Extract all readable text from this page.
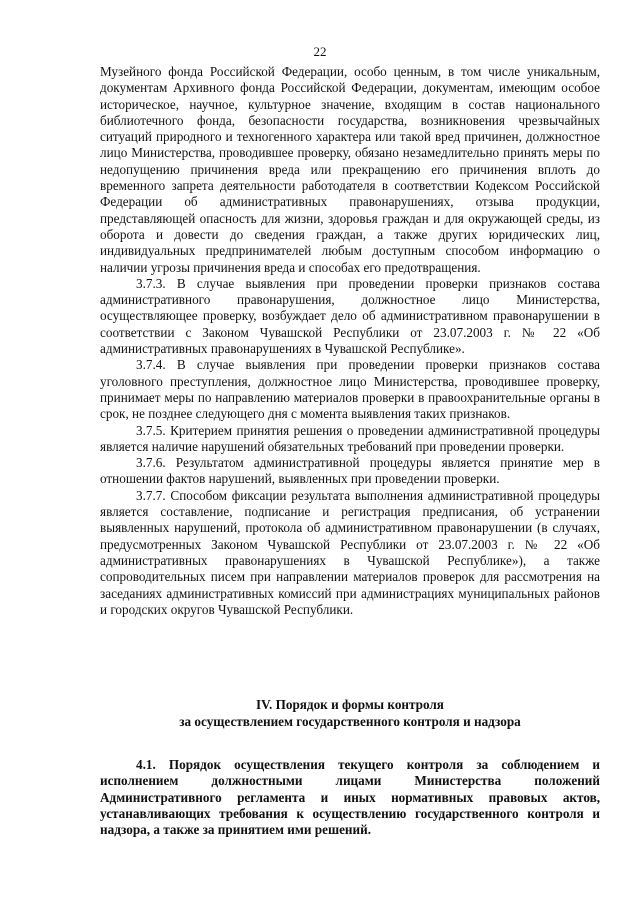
22

Музейного фонда Российской Федерации, особо ценным, в том числе уникальным, документам Архивного фонда Российской Федерации, документам, имеющим особое историческое, научное, культурное значение, входящим в состав национального библиотечного фонда, безопасности государства, возникновения чрезвычайных ситуаций природного и техногенного характера или такой вред причинен, должностное лицо Министерства, проводившее проверку, обязано незамедлительно принять меры по недопущению причинения вреда или прекращению его причинения вплоть до временного запрета деятельности работодателя в соответствии Кодексом Российской Федерации об административных правонарушениях, отзыва продукции, представляющей опасность для жизни, здоровья граждан и для окружающей среды, из оборота и довести до сведения граждан, а также других юридических лиц, индивидуальных предпринимателей любым доступным способом информацию о наличии угрозы причинения вреда и способах его предотвращения.

3.7.3. В случае выявления при проведении проверки признаков состава административного правонарушения, должностное лицо Министерства, осуществляющее проверку, возбуждает дело об административном правонарушении в соответствии с Законом Чувашской Республики от 23.07.2003 г. № 22 «Об административных правонарушениях в Чувашской Республике».

3.7.4. В случае выявления при проведении проверки признаков состава уголовного преступления, должностное лицо Министерства, проводившее проверку, принимает меры по направлению материалов проверки в правоохранительные органы в срок, не позднее следующего дня с момента выявления таких признаков.

3.7.5. Критерием принятия решения о проведении административной процедуры является наличие нарушений обязательных требований при проведении проверки.

3.7.6. Результатом административной процедуры является принятие мер в отношении фактов нарушений, выявленных при проведении проверки.

3.7.7. Способом фиксации результата выполнения административной процедуры является составление, подписание и регистрация предписания, об устранении выявленных нарушений, протокола об административном правонарушении (в случаях, предусмотренных Законом Чувашской Республики от 23.07.2003 г. № 22 «Об административных правонарушениях в Чувашской Республике»), а также сопроводительных писем при направлении материалов проверок для рассмотрения на заседаниях административных комиссий при администрациях муниципальных районов и городских округов Чувашской Республики.

IV. Порядок и формы контроля
за осуществлением государственного контроля и надзора

4.1. Порядок осуществления текущего контроля за соблюдением и исполнением должностными лицами Министерства положений Административного регламента и иных нормативных правовых актов, устанавливающих требования к осуществлению государственного контроля и надзора, а также за принятием ими решений.
